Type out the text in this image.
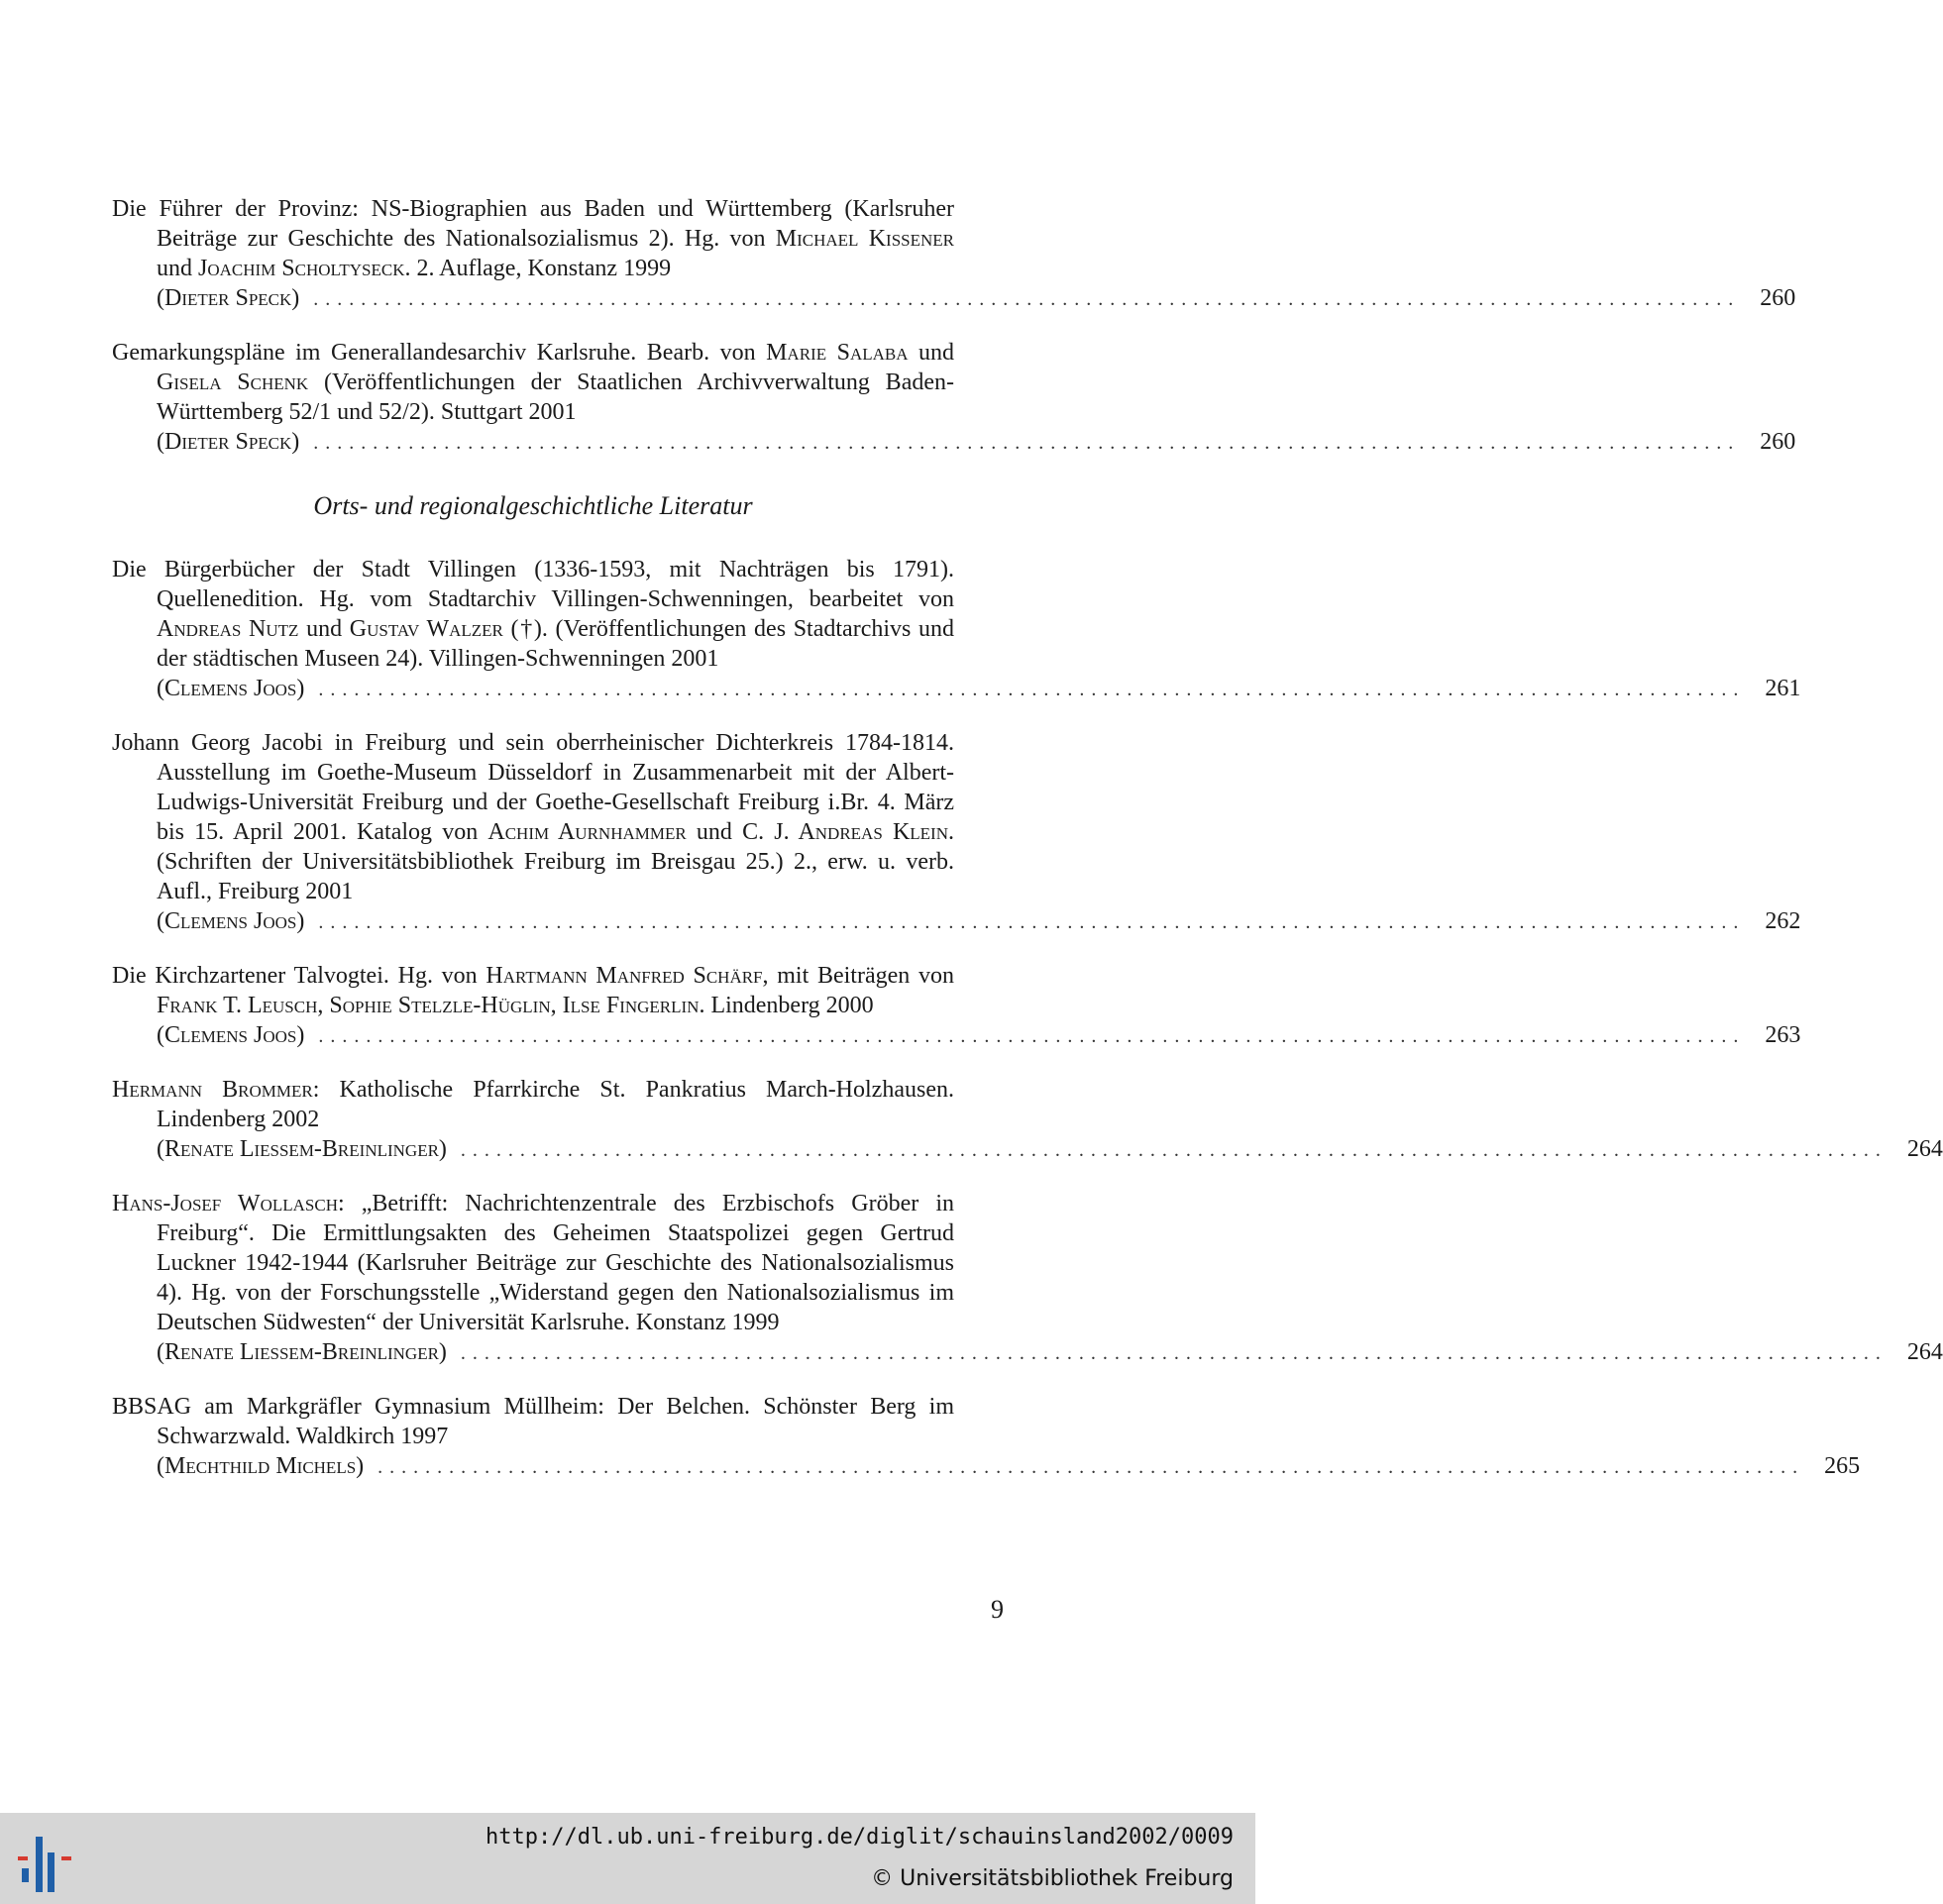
Die Führer der Provinz: NS-Biographien aus Baden und Württemberg (Karlsruher Beiträge zur Geschichte des Nationalsozialismus 2). Hg. von Michael Kißener und Joachim Scholtyseck. 2. Auflage, Konstanz 1999
(Dieter Speck) ........................................................................................................................ 260
Gemarkungspläne im Generallandesarchiv Karlsruhe. Bearb. von Marie Salaba und Gisela Schenk (Veröffentlichungen der Staatlichen Archivverwaltung Baden-Württemberg 52/1 und 52/2). Stuttgart 2001
(Dieter Speck) ........................................................................................................................ 260
Orts- und regionalgeschichtliche Literatur
Die Bürgerbücher der Stadt Villingen (1336-1593, mit Nachträgen bis 1791). Quellenedition. Hg. vom Stadtarchiv Villingen-Schwenningen, bearbeitet von Andreas Nutz und Gustav Walzer (†). (Veröffentlichungen des Stadtarchivs und der städtischen Museen 24). Villingen-Schwenningen 2001
(Clemens Joos) ........................................................................................................................ 261
Johann Georg Jacobi in Freiburg und sein oberrheinischer Dichterkreis 1784-1814. Ausstellung im Goethe-Museum Düsseldorf in Zusammenarbeit mit der Albert-Ludwigs-Universität Freiburg und der Goethe-Gesellschaft Freiburg i.Br. 4. März bis 15. April 2001. Katalog von Achim Aurnhammer und C. J. Andreas Klein. (Schriften der Universitätsbibliothek Freiburg im Breisgau 25.) 2., erw. u. verb. Aufl., Freiburg 2001
(Clemens Joos) ........................................................................................................................ 262
Die Kirchzartener Talvogtei. Hg. von Hartmann Manfred Schärf, mit Beiträgen von Frank T. Leusch, Sophie Stelzle-Hüglin, Ilse Fingerlin. Lindenberg 2000
(Clemens Joos) ........................................................................................................................ 263
Hermann Brommer: Katholische Pfarrkirche St. Pankratius March-Holzhausen. Lindenberg 2002
(Renate Liessem-Breinlinger) ........................................................................................................................ 264
Hans-Josef Wollasch: „Betrifft: Nachrichtenzentrale des Erzbischofs Gröber in Freiburg“. Die Ermittlungsakten des Geheimen Staatspolizei gegen Gertrud Luckner 1942-1944 (Karlsruher Beiträge zur Geschichte des Nationalsozialismus 4). Hg. von der Forschungsstelle „Widerstand gegen den Nationalsozialismus im Deutschen Südwesten“ der Universität Karlsruhe. Konstanz 1999
(Renate Liessem-Breinlinger) ........................................................................................................................ 264
BBSAG am Markgräfler Gymnasium Müllheim: Der Belchen. Schönster Berg im Schwarzwald. Waldkirch 1997
(Mechthild Michels) ........................................................................................................................ 265
9
http://dl.ub.uni-freiburg.de/diglit/schauinsland2002/0009
© Universitätsbibliothek Freiburg
